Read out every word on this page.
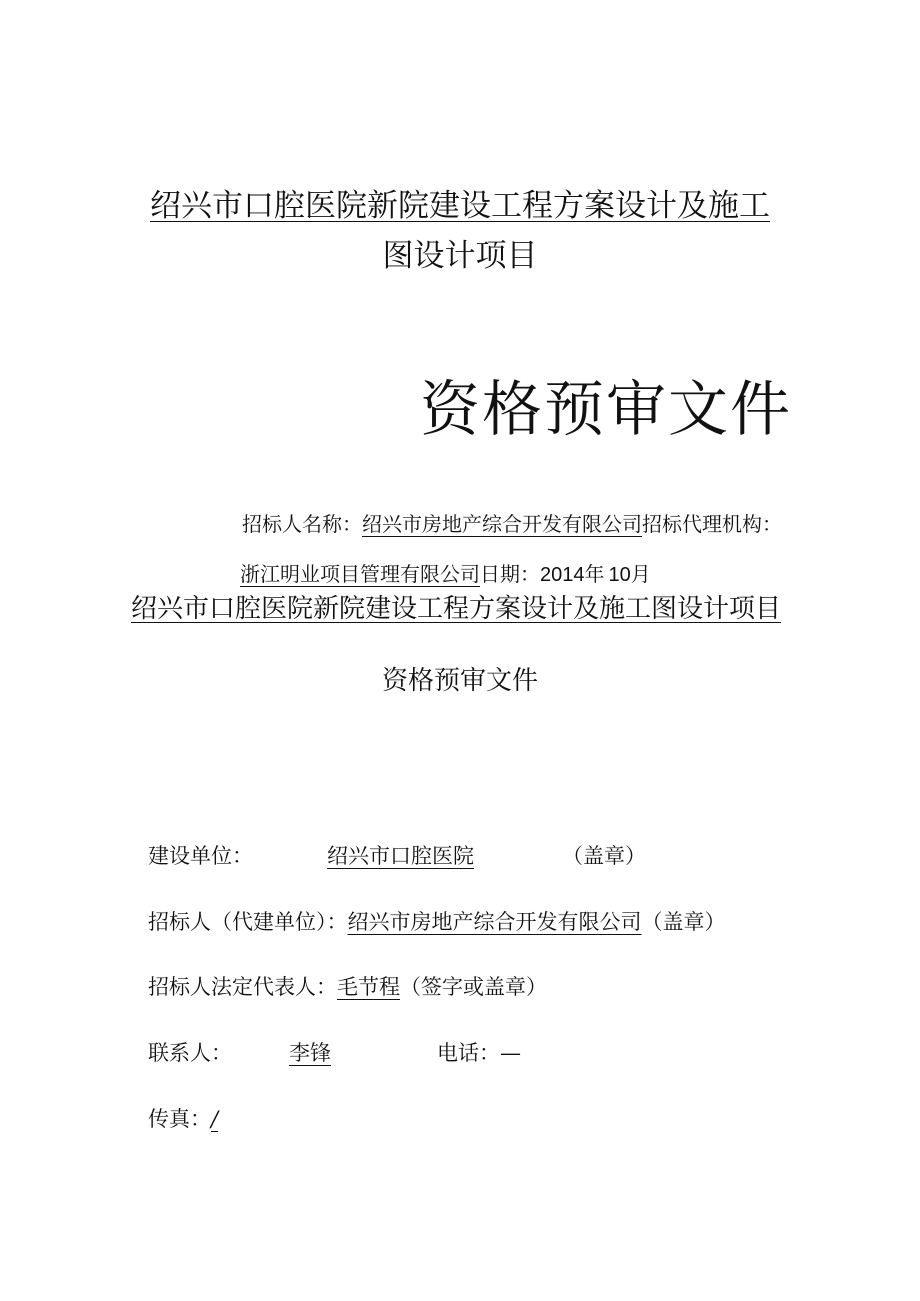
绍兴市口腔医院新院建设工程方案设计及施工
图设计项目
资格预审文件
招标人名称：绍兴市房地产综合开发有限公司招标代理机构：
浙江明业项目管理有限公司日期：2014年 10月
绍兴市口腔医院新院建设工程方案设计及施工图设计项目
资格预审文件
建设单位：	绍兴市口腔医院	（盖章）
招标人（代建单位）：绍兴市房地产综合开发有限公司（盖章）
招标人法定代表人：毛节程（签字或盖章）
联系人：	李锋	电话：—
传真：/
